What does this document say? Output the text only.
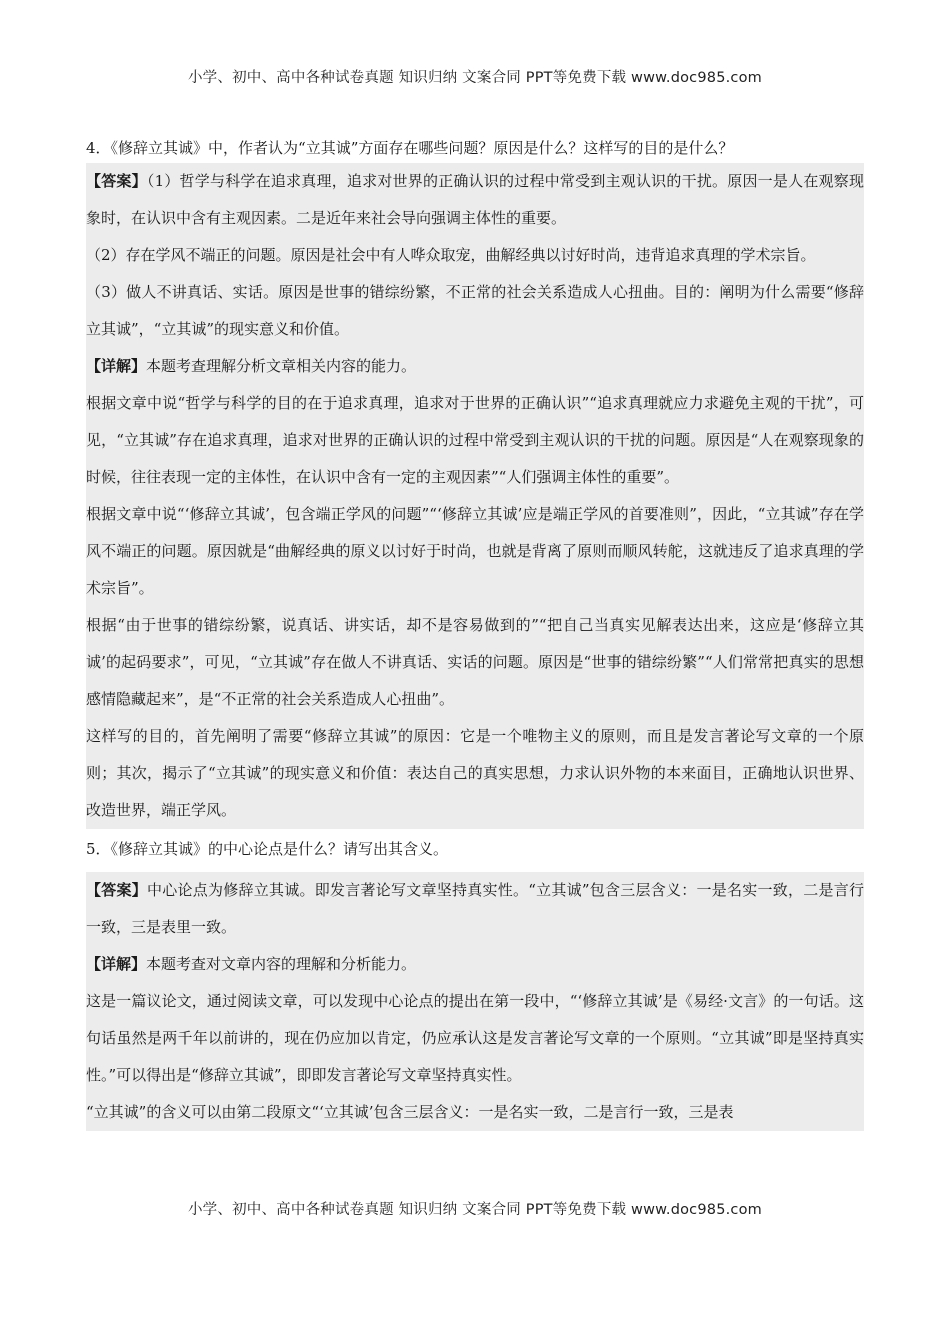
小学、初中、高中各种试卷真题 知识归纳 文案合同 PPT等免费下载 www.doc985.com

4．《修辞立其诚》中，作者认为“立其诚”方面存在哪些问题？原因是什么？这样写的目的是什么？

【答案】（1）哲学与科学在追求真理，追求对世界的正确认识的过程中常受到主观认识的干扰。原因一是人在观察现象时，在认识中含有主观因素。二是近年来社会导向强调主体性的重要。

（2）存在学风不端正的问题。原因是社会中有人哗众取宠，曲解经典以讨好时尚，违背追求真理的学术宗旨。

（3）做人不讲真话、实话。原因是世事的错综纷繁，不正常的社会关系造成人心扭曲。目的：阐明为什么需要“修辞立其诚”，“立其诚”的现实意义和价值。

【详解】本题考查理解分析文章相关内容的能力。

根据文章中说“哲学与科学的目的在于追求真理，追求对于世界的正确认识”“追求真理就应力求避免主观的干扰”，可见，“立其诚”存在追求真理，追求对世界的正确认识的过程中常受到主观认识的干扰的问题。原因是“人在观察现象的时候，往往表现一定的主体性，在认识中含有一定的主观因素”“人们强调主体性的重要”。

根据文章中说“‘修辞立其诚’，包含端正学风的问题”“‘修辞立其诚’应是端正学风的首要准则”，因此，“立其诚”存在学风不端正的问题。原因就是“曲解经典的原义以讨好于时尚，也就是背离了原则而顺风转舵，这就违反了追求真理的学术宗旨”。

根据“由于世事的错综纷繁，说真话、讲实话，却不是容易做到的”“把自己当真实见解表达出来，这应是‘修辞立其诚’的起码要求”，可见，“立其诚”存在做人不讲真话、实话的问题。原因是“世事的错综纷繁”“人们常常把真实的思想感情隐藏起来”，是“不正常的社会关系造成人心扭曲”。

这样写的目的，首先阐明了需要“修辞立其诚”的原因：它是一个唯物主义的原则，而且是发言著论写文章的一个原则；其次，揭示了“立其诚”的现实意义和价值：表达自己的真实思想，力求认识外物的本来面目，正确地认识世界、改造世界，端正学风。

5．《修辞立其诚》的中心论点是什么？请写出其含义。

【答案】中心论点为修辞立其诚。即发言著论写文章坚持真实性。“立其诚”包含三层含义：一是名实一致，二是言行一致，三是表里一致。

【详解】本题考查对文章内容的理解和分析能力。

这是一篇议论文，通过阅读文章，可以发现中心论点的提出在第一段中，“‘修辞立其诚’是《易经·文言》的一句话。这句话虽然是两千年以前讲的，现在仍应加以肯定，仍应承认这是发言著论写文章的一个原则。“立其诚”即是坚持真实性。”可以得出是“修辞立其诚”，即即发言著论写文章坚持真实性。

“立其诚”的含义可以由第二段原文“‘立其诚’包含三层含义：一是名实一致，二是言行一致，三是表

小学、初中、高中各种试卷真题 知识归纳 文案合同 PPT等免费下载 www.doc985.com
